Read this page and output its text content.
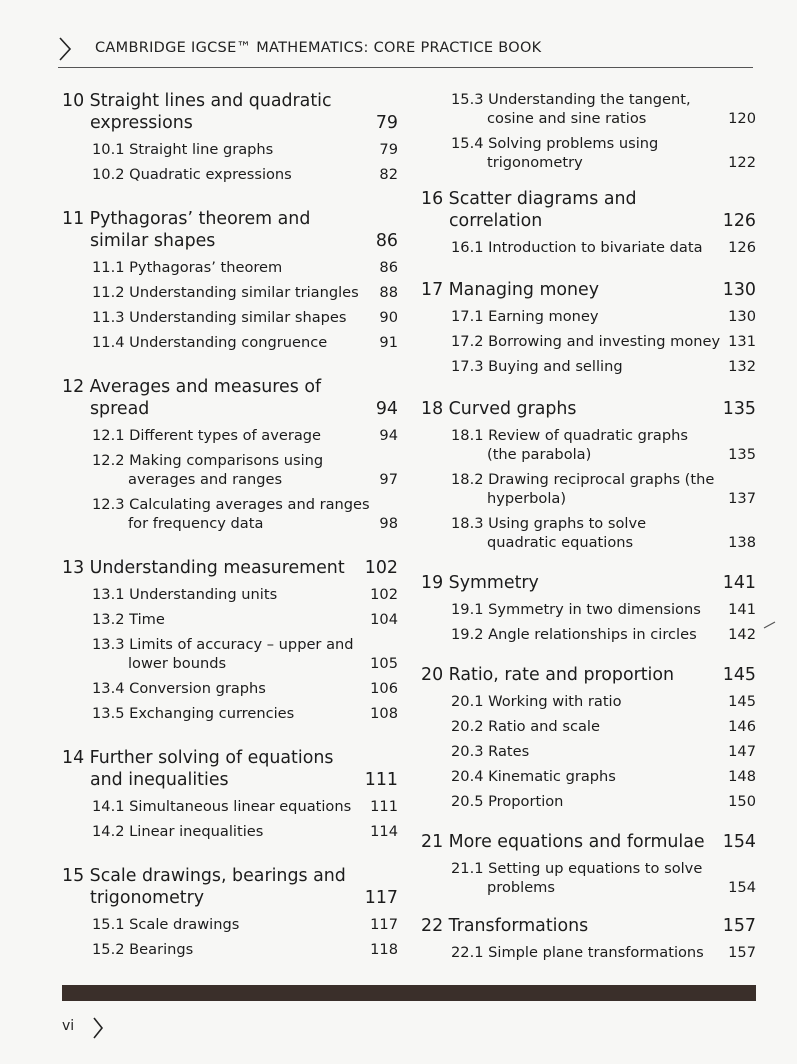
CAMBRIDGE IGCSE™ MATHEMATICS: CORE PRACTICE BOOK
10 Straight lines and quadratic expressions	79
10.1 Straight line graphs	79
10.2 Quadratic expressions	82
11 Pythagoras’ theorem and similar shapes	86
11.1 Pythagoras’ theorem	86
11.2 Understanding similar triangles	88
11.3 Understanding similar shapes	90
11.4 Understanding congruence	91
12 Averages and measures of spread	94
12.1 Different types of average	94
12.2 Making comparisons using averages and ranges	97
12.3 Calculating averages and ranges for frequency data	98
13 Understanding measurement	102
13.1 Understanding units	102
13.2 Time	104
13.3 Limits of accuracy – upper and lower bounds	105
13.4 Conversion graphs	106
13.5 Exchanging currencies	108
14 Further solving of equations and inequalities	111
14.1 Simultaneous linear equations	111
14.2 Linear inequalities	114
15 Scale drawings, bearings and trigonometry	117
15.1 Scale drawings	117
15.2 Bearings	118
15.3 Understanding the tangent, cosine and sine ratios	120
15.4 Solving problems using trigonometry	122
16 Scatter diagrams and correlation	126
16.1 Introduction to bivariate data	126
17 Managing money	130
17.1 Earning money	130
17.2 Borrowing and investing money 131
17.3 Buying and selling	132
18 Curved graphs	135
18.1 Review of quadratic graphs (the parabola)	135
18.2 Drawing reciprocal graphs (the hyperbola)	137
18.3 Using graphs to solve quadratic equations	138
19 Symmetry	141
19.1 Symmetry in two dimensions	141
19.2 Angle relationships in circles	142
20 Ratio, rate and proportion	145
20.1 Working with ratio	145
20.2 Ratio and scale	146
20.3 Rates	147
20.4 Kinematic graphs	148
20.5 Proportion	150
21 More equations and formulae	154
21.1 Setting up equations to solve problems	154
22 Transformations	157
22.1 Simple plane transformations	157
vi
